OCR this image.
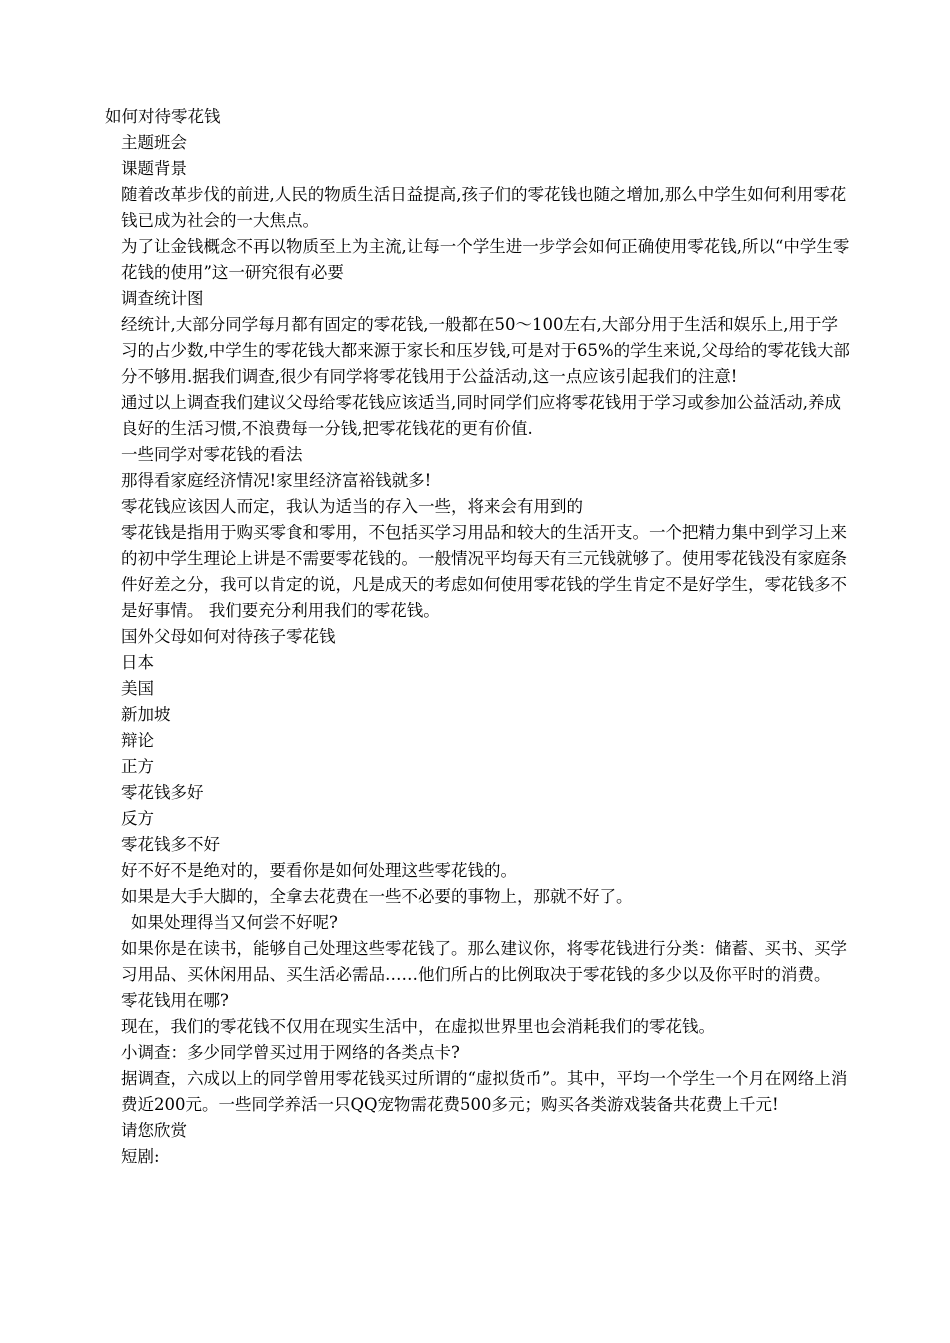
如何对待零花钱

主题班会

课题背景

随着改革步伐的前进,人民的物质生活日益提高,孩子们的零花钱也随之增加,那么中学生如何利用零花钱已成为社会的一大焦点。

为了让金钱概念不再以物质至上为主流,让每一个学生进一步学会如何正确使用零花钱,所以“中学生零花钱的使用”这一研究很有必要

调查统计图

经统计,大部分同学每月都有固定的零花钱,一般都在50～100左右,大部分用于生活和娱乐上,用于学习的占少数,中学生的零花钱大都来源于家长和压岁钱,可是对于65%的学生来说,父母给的零花钱大部分不够用.据我们调查,很少有同学将零花钱用于公益活动,这一点应该引起我们的注意!

通过以上调查我们建议父母给零花钱应该适当,同时同学们应将零花钱用于学习或参加公益活动,养成良好的生活习惯,不浪费每一分钱,把零花钱花的更有价值.

一些同学对零花钱的看法

那得看家庭经济情况!家里经济富裕钱就多!

零花钱应该因人而定，我认为适当的存入一些，将来会有用到的

零花钱是指用于购买零食和零用，不包括买学习用品和较大的生活开支。一个把精力集中到学习上来的初中学生理论上讲是不需要零花钱的。一般情况平均每天有三元钱就够了。使用零花钱没有家庭条件好差之分，我可以肯定的说，凡是成天的考虑如何使用零花钱的学生肯定不是好学生，零花钱多不是好事情。 我们要充分利用我们的零花钱。

国外父母如何对待孩子零花钱

日本

美国

新加坡

辩论

正方

零花钱多好

反方

零花钱多不好

好不好不是绝对的，要看你是如何处理这些零花钱的。

如果是大手大脚的，全拿去花费在一些不必要的事物上，那就不好了。

如果处理得当又何尝不好呢?

如果你是在读书，能够自己处理这些零花钱了。那么建议你，将零花钱进行分类：储蓄、买书、买学习用品、买休闲用品、买生活必需品……他们所占的比例取决于零花钱的多少以及你平时的消费。

零花钱用在哪?

现在，我们的零花钱不仅用在现实生活中，在虚拟世界里也会消耗我们的零花钱。

小调查：多少同学曾买过用于网络的各类点卡?

据调查，六成以上的同学曾用零花钱买过所谓的“虚拟货币”。其中，平均一个学生一个月在网络上消费近200元。一些同学养活一只QQ宠物需花费500多元；购买各类游戏装备共花费上千元!

请您欣赏

短剧:
